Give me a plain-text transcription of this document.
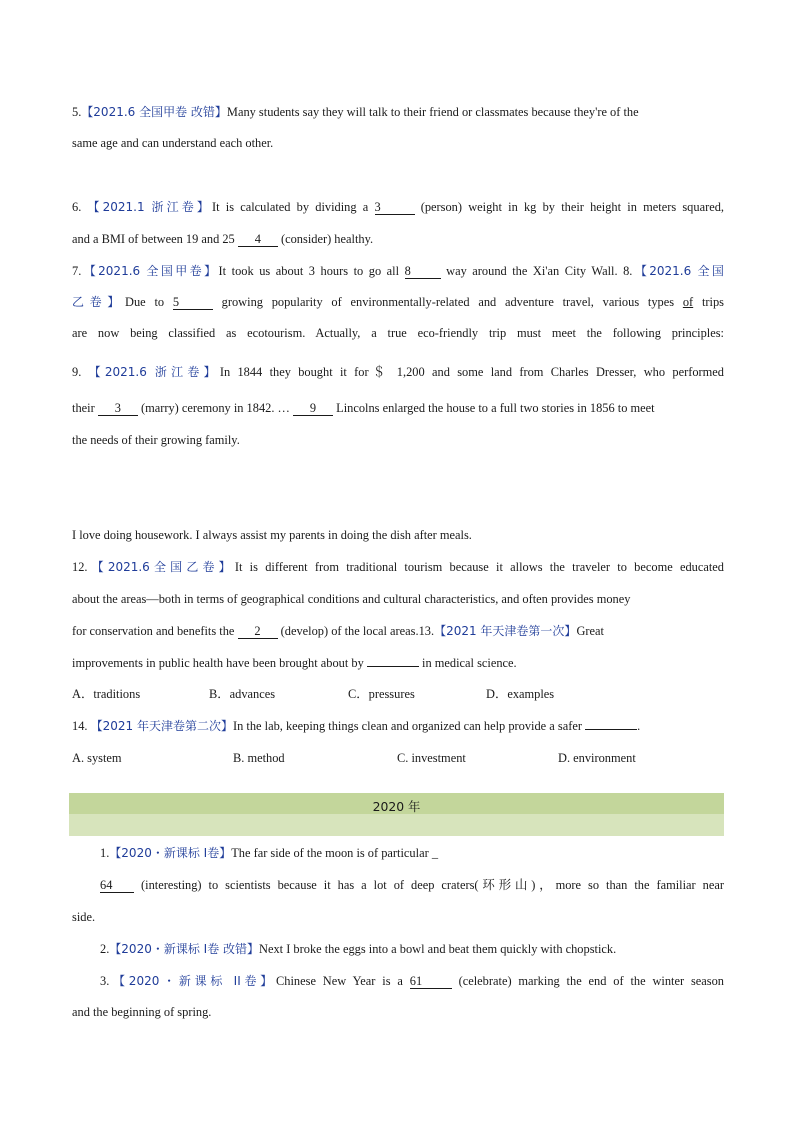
5.【2021.6 全国甲卷 改错】Many students say they will talk to their friend or classmates because they're of the
same age and can understand each other.
6. 【2021.1 浙江卷】It is calculated by dividing a 3	(person) weight in kg by their height in meters squared,
and a BMI of between 19 and 25 4 (consider) healthy.
7.【2021.6 全国甲卷】It took us about 3 hours to go all 8	way around the Xi'an City Wall. 8.【2021.6 全国
乙卷】Due to 5	growing popularity of environmentally-related and adventure travel, various types of trips
are now being classified as ecotourism. Actually, a true eco-friendly trip must meet the following principles:
9. 【2021.6 浙江卷】In 1844 they bought it for＄ 1,200 and some land from Charles Dresser, who performed
their 3 (marry) ceremony in 1842. … 9 Lincolns enlarged the house to a full two stories in 1856 to meet
the needs of their growing family.
I love doing housework. I always assist my parents in doing the dish after meals.
12.【2021.6全国乙卷】It is different from traditional tourism because it allows the traveler to become educated
about the areas—both in terms of geographical conditions and cultural characteristics, and often provides money
for conservation and benefits the 2 (develop) of the local areas.13.【2021 年天津卷第一次】Great
improvements in public health have been brought about by	in medical science.
A．traditions	B．advances	C．pressures	D．examples
14. 【2021 年天津卷第二次】In the lab, keeping things clean and organized can help provide a safer	.
A. system	B. method	C. investment	D. environment
2020 年
1.【2020・新课标 I卷】The far side of the moon is of particular _
64 (interesting) to scientists because it has a lot of deep craters(环形山)，more so than the familiar near
side.
2.【2020・新课标 I卷 改错】Next I broke the eggs into a bowl and beat them quickly with chopstick.
3.【2020・新课标 II卷】Chinese New Year is a 61	(celebrate) marking the end of the winter season
and the beginning of spring.
